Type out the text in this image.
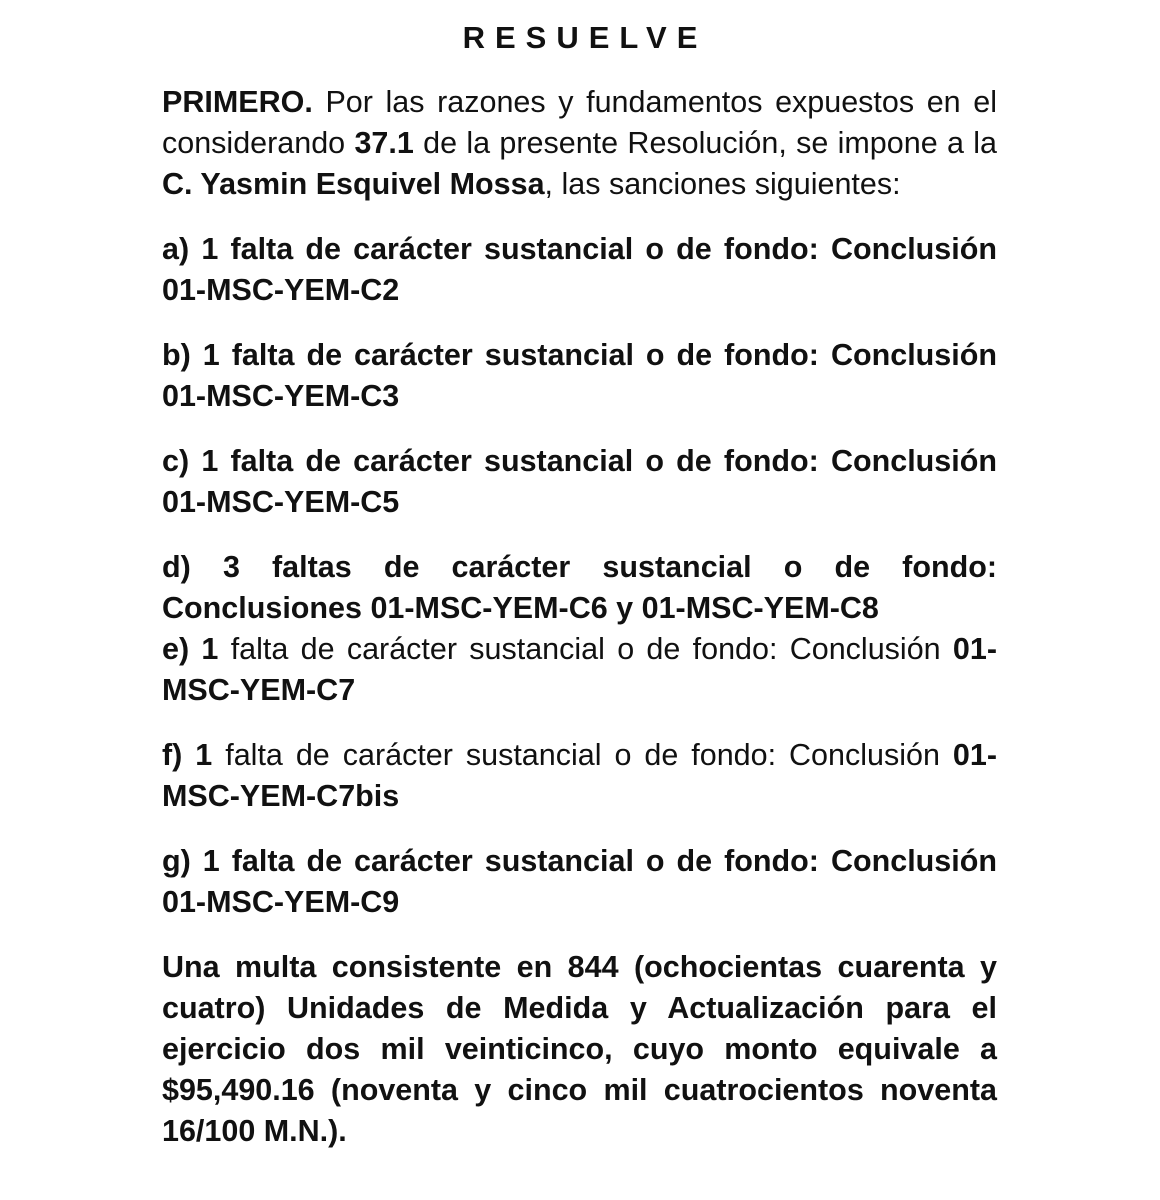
RESUELVE

PRIMERO. Por las razones y fundamentos expuestos en el considerando 37.1 de la presente Resolución, se impone a la C. Yasmin Esquivel Mossa, las sanciones siguientes:

a) 1 falta de carácter sustancial o de fondo: Conclusión 01-MSC-YEM-C2

b) 1 falta de carácter sustancial o de fondo: Conclusión 01-MSC-YEM-C3

c) 1 falta de carácter sustancial o de fondo: Conclusión 01-MSC-YEM-C5

d) 3 faltas de carácter sustancial o de fondo: Conclusiones 01-MSC-YEM-C6 y 01-MSC-YEM-C8

e) 1 falta de carácter sustancial o de fondo: Conclusión 01-MSC-YEM-C7

f) 1 falta de carácter sustancial o de fondo: Conclusión 01-MSC-YEM-C7bis

g) 1 falta de carácter sustancial o de fondo: Conclusión 01-MSC-YEM-C9

Una multa consistente en 844 (ochocientas cuarenta y cuatro) Unidades de Medida y Actualización para el ejercicio dos mil veinticinco, cuyo monto equivale a $95,490.16 (noventa y cinco mil cuatrocientos noventa 16/100 M.N.).
